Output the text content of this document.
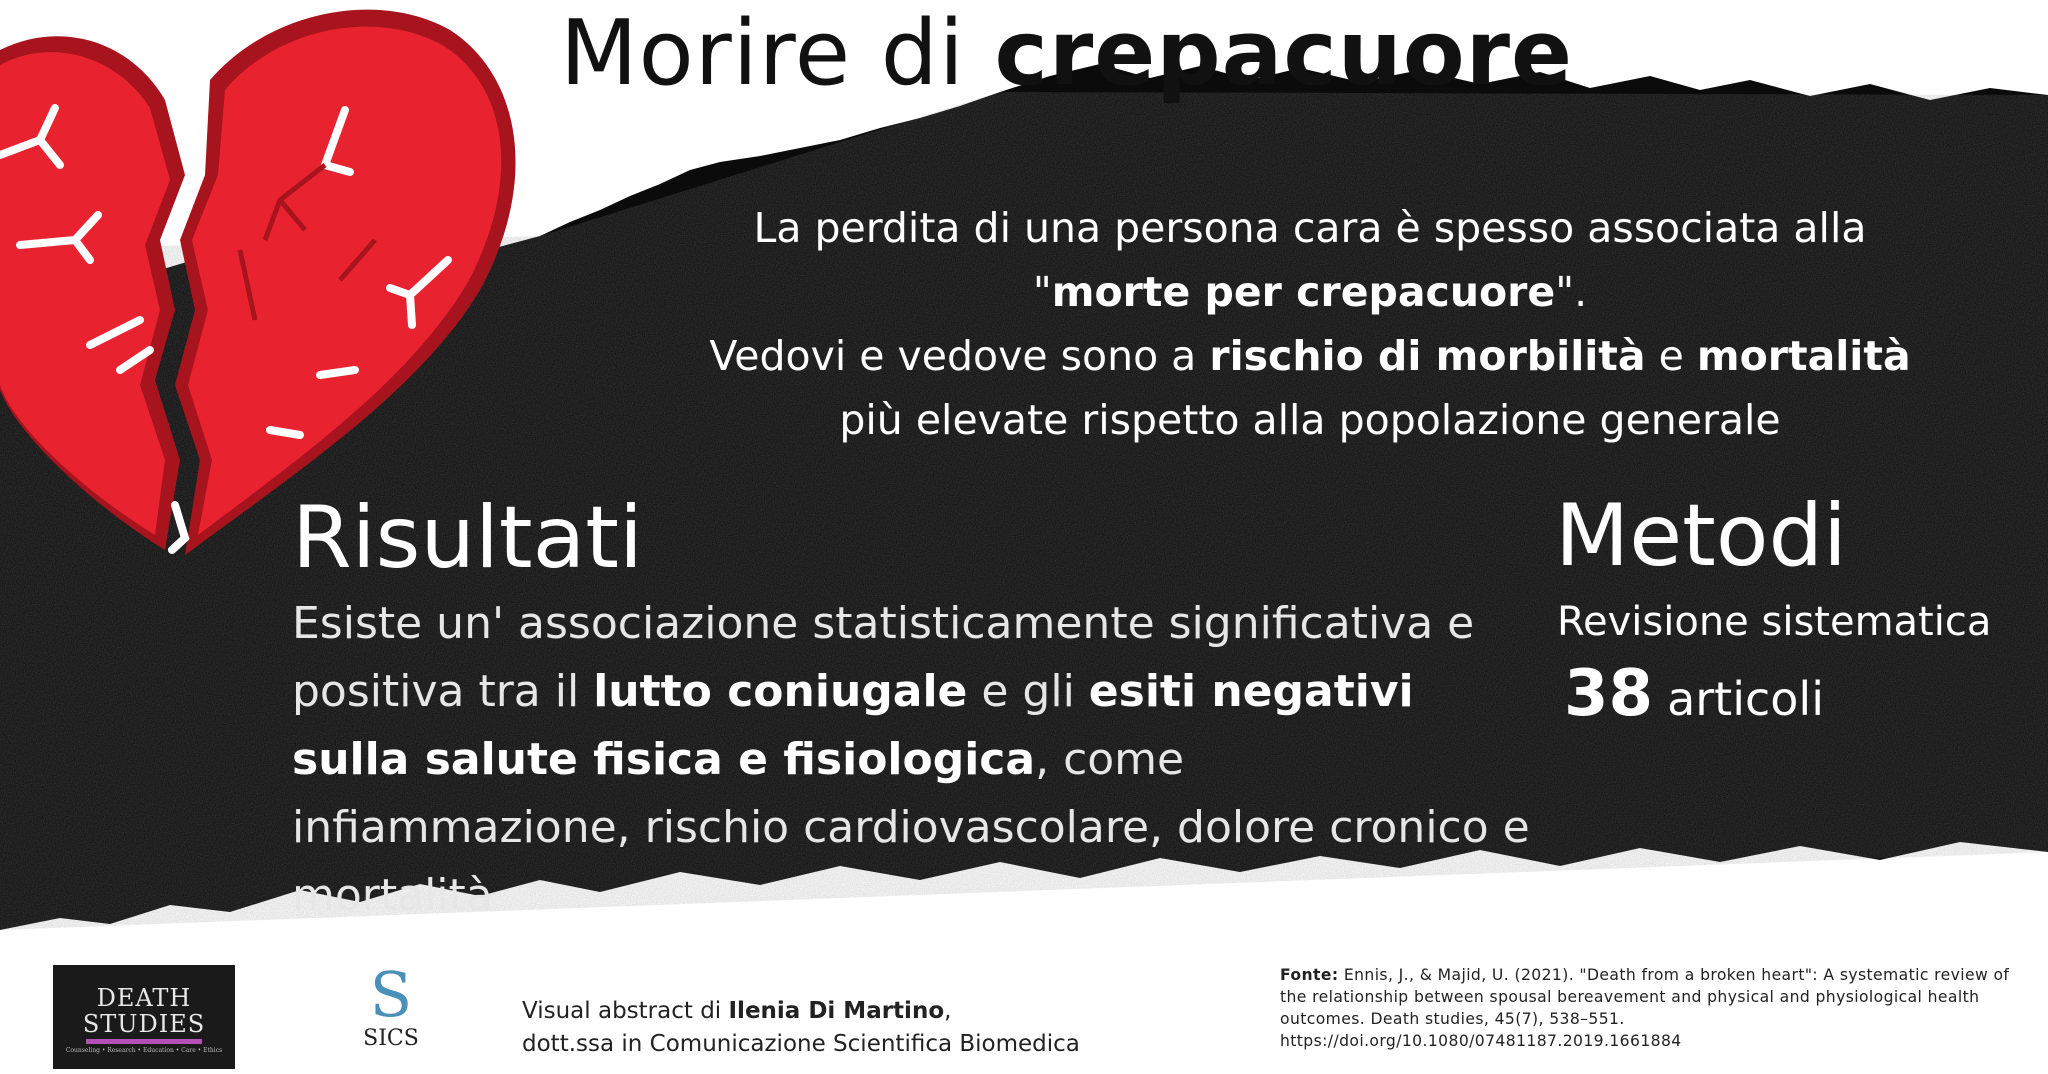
Morire di crepacuore
La perdita di una persona cara è spesso associata alla
"morte per crepacuore".
Vedovi e vedove sono a rischio di morbilità e mortalità
più elevate rispetto alla popolazione generale
Risultati
Esiste un' associazione statisticamente significativa e positiva tra il lutto coniugale e gli esiti negativi sulla salute fisica e fisiologica, come infiammazione, rischio cardiovascolare, dolore cronico e mortalità
Metodi
Revisione sistematica
38 articoli
DEATH
STUDIES
Counseling • Research • Education • Care • Ethics
S
SICS
Visual abstract di Ilenia Di Martino,
dott.ssa in Comunicazione Scientifica Biomedica
Fonte: Ennis, J., & Majid, U. (2021). "Death from a broken heart": A systematic review of the relationship between spousal bereavement and physical and physiological health outcomes. Death studies, 45(7), 538–551.
https://doi.org/10.1080/07481187.2019.1661884
